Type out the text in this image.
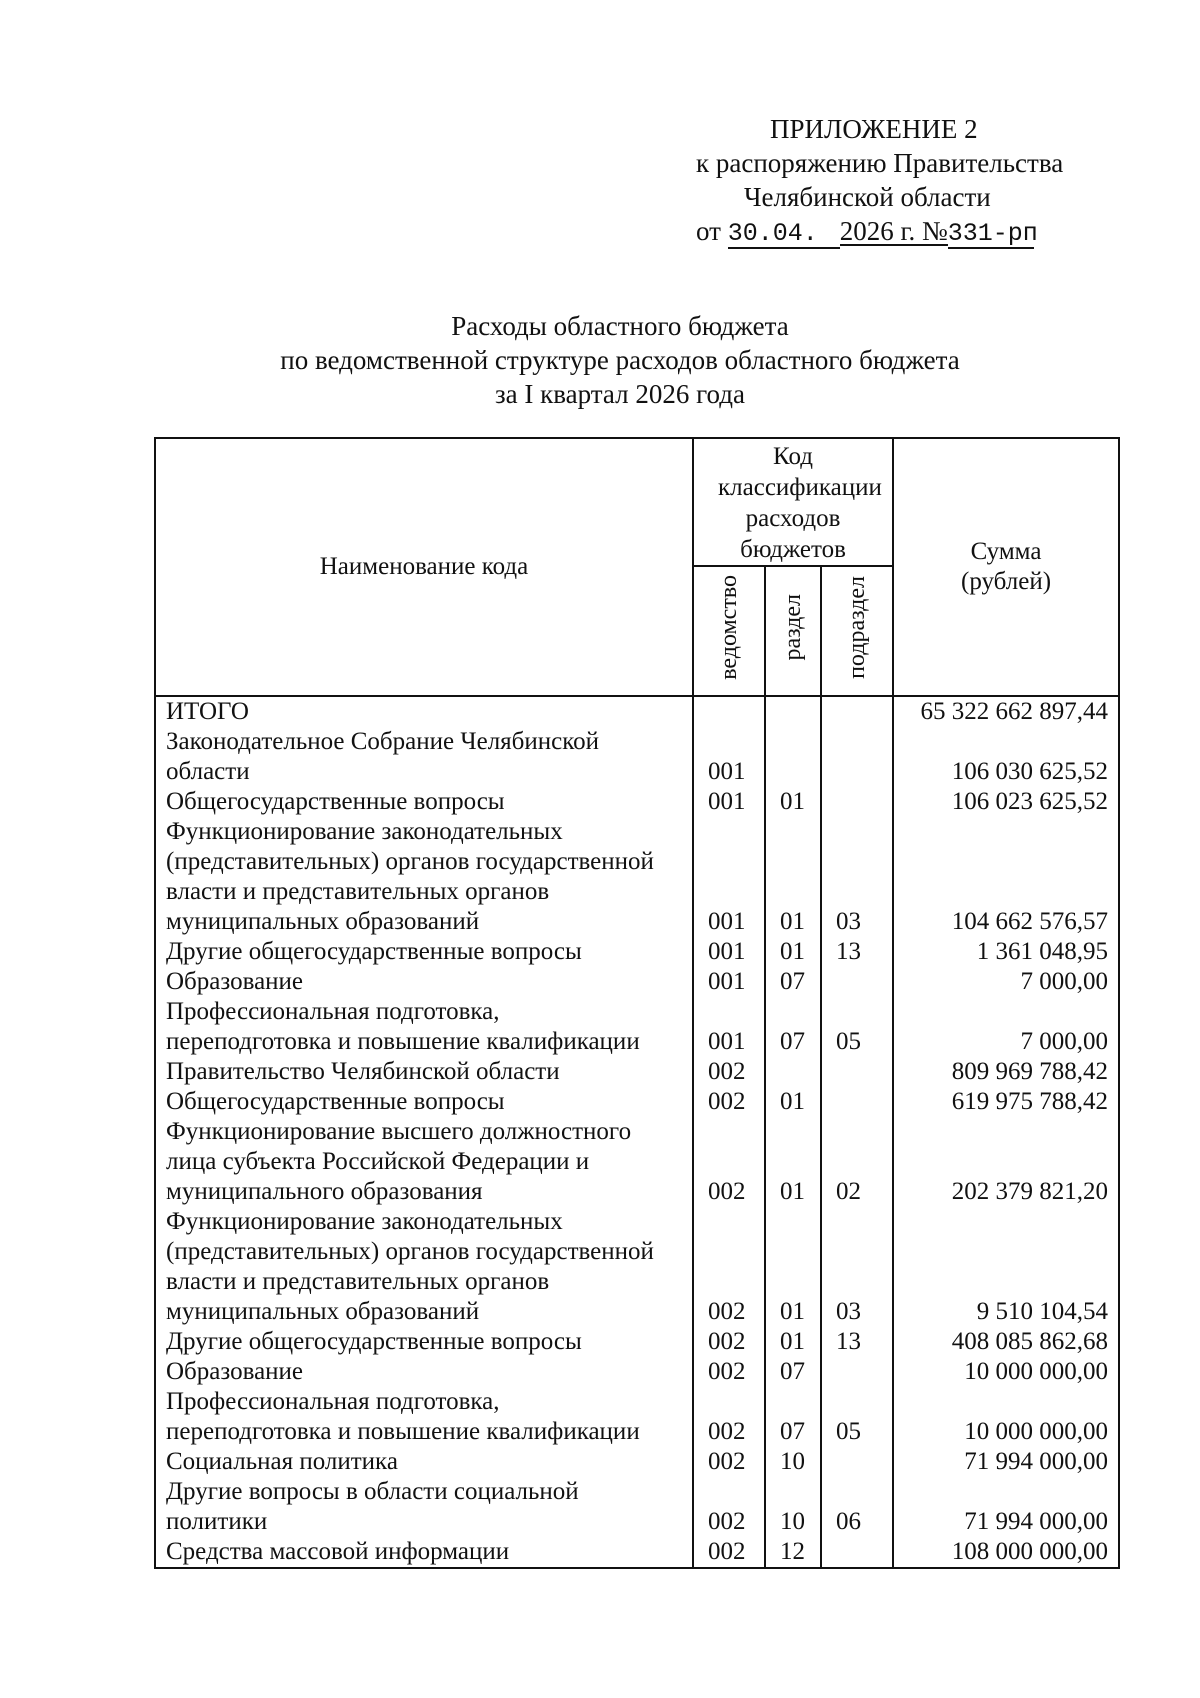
ПРИЛОЖЕНИЕ 2
к распоряжению Правительства
Челябинской области
от 30.04. 2026 г. №331-рп
Расходы областного бюджета
по ведомственной структуре расходов областного бюджета
за I квартал 2026 года
Наименование кода	Код классификации расходов бюджетов			Сумма
(рублей)

	ведомство	раздел	подраздел	

ИТОГО				65 322 662 897,44

Законодательное Собрание Челябинской
области	001			106 030 625,52

Общегосударственные вопросы	001	01		106 023 625,52

Функционирование законодательных
(представительных) органов государственной
власти и представительных органов
муниципальных образований	001	01	03	104 662 576,57

Другие общегосударственные вопросы	001	01	13	1 361 048,95

Образование	001	07		7 000,00

Профессиональная подготовка,
переподготовка и повышение квалификации	001	07	05	7 000,00

Правительство Челябинской области	002			809 969 788,42

Общегосударственные вопросы	002	01		619 975 788,42

Функционирование высшего должностного
лица субъекта Российской Федерации и
муниципального образования	002	01	02	202 379 821,20

Функционирование законодательных
(представительных) органов государственной
власти и представительных органов
муниципальных образований	002	01	03	9 510 104,54

Другие общегосударственные вопросы	002	01	13	408 085 862,68

Образование	002	07		10 000 000,00

Профессиональная подготовка,
переподготовка и повышение квалификации	002	07	05	10 000 000,00

Социальная политика	002	10		71 994 000,00

Другие вопросы в области социальной
политики	002	10	06	71 994 000,00

Средства массовой информации	002	12		108 000 000,00
